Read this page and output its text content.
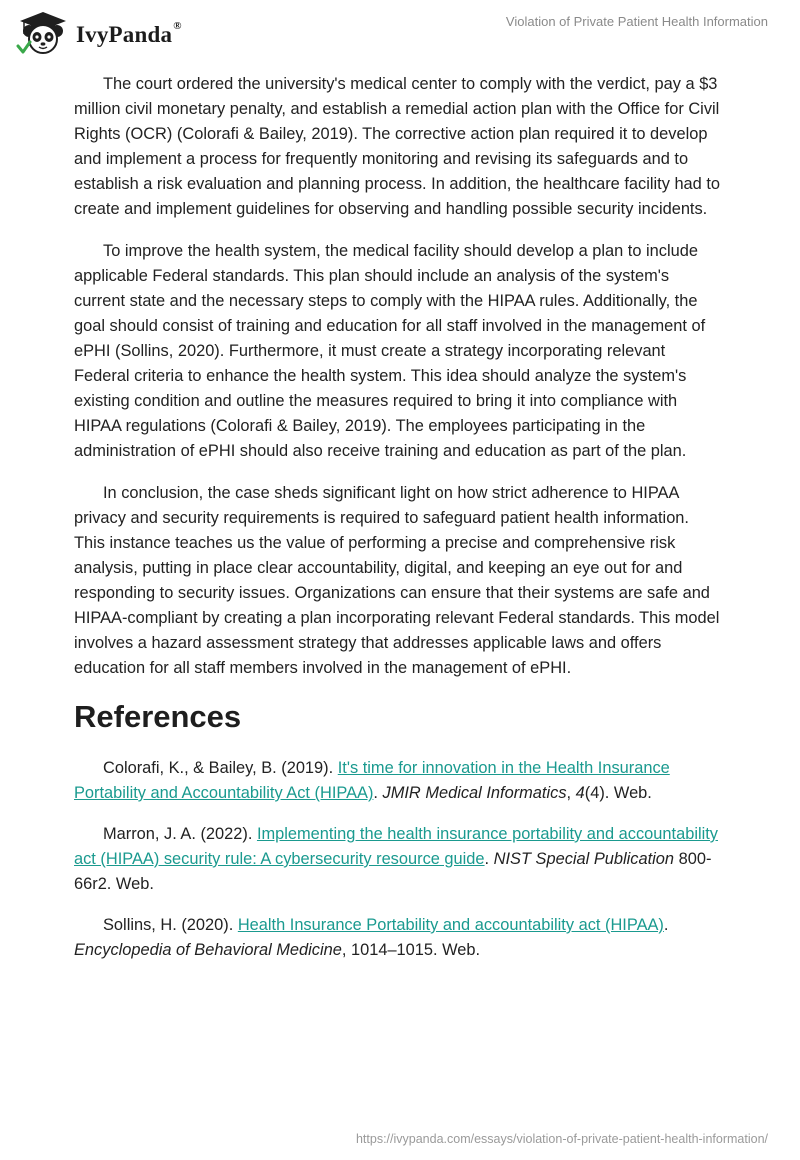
IvyPanda®	Violation of Private Patient Health Information

The court ordered the university's medical center to comply with the verdict, pay a $3 million civil monetary penalty, and establish a remedial action plan with the Office for Civil Rights (OCR) (Colorafi & Bailey, 2019). The corrective action plan required it to develop and implement a process for frequently monitoring and revising its safeguards and to establish a risk evaluation and planning process. In addition, the healthcare facility had to create and implement guidelines for observing and handling possible security incidents.

To improve the health system, the medical facility should develop a plan to include applicable Federal standards. This plan should include an analysis of the system's current state and the necessary steps to comply with the HIPAA rules. Additionally, the goal should consist of training and education for all staff involved in the management of ePHI (Sollins, 2020). Furthermore, it must create a strategy incorporating relevant Federal criteria to enhance the health system. This idea should analyze the system's existing condition and outline the measures required to bring it into compliance with HIPAA regulations (Colorafi & Bailey, 2019). The employees participating in the administration of ePHI should also receive training and education as part of the plan.

In conclusion, the case sheds significant light on how strict adherence to HIPAA privacy and security requirements is required to safeguard patient health information. This instance teaches us the value of performing a precise and comprehensive risk analysis, putting in place clear accountability, digital, and keeping an eye out for and responding to security issues. Organizations can ensure that their systems are safe and HIPAA-compliant by creating a plan incorporating relevant Federal standards. This model involves a hazard assessment strategy that addresses applicable laws and offers education for all staff members involved in the management of ePHI.

References

Colorafi, K., & Bailey, B. (2019). It's time for innovation in the Health Insurance Portability and Accountability Act (HIPAA). JMIR Medical Informatics, 4(4). Web.

Marron, J. A. (2022). Implementing the health insurance portability and accountability act (HIPAA) security rule: A cybersecurity resource guide. NIST Special Publication 800-66r2. Web.

Sollins, H. (2020). Health Insurance Portability and accountability act (HIPAA). Encyclopedia of Behavioral Medicine, 1014–1015. Web.

https://ivypanda.com/essays/violation-of-private-patient-health-information/
